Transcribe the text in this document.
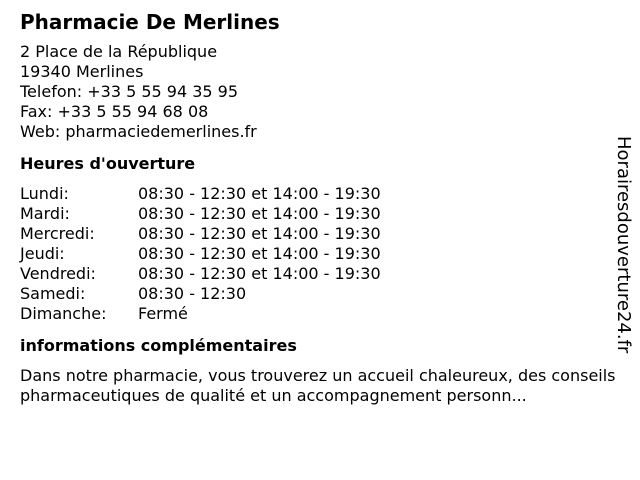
Pharmacie De Merlines
2 Place de la République
19340 Merlines
Telefon: +33 5 55 94 35 95
Fax: +33 5 55 94 68 08
Web: pharmaciedemerlines.fr
Heures d'ouverture
Lundi:	08:30 - 12:30 et 14:00 - 19:30
Mardi:	08:30 - 12:30 et 14:00 - 19:30
Mercredi:	08:30 - 12:30 et 14:00 - 19:30
Jeudi:	08:30 - 12:30 et 14:00 - 19:30
Vendredi:	08:30 - 12:30 et 14:00 - 19:30
Samedi:	08:30 - 12:30
Dimanche:	Fermé
informations complémentaires
Dans notre pharmacie, vous trouverez un accueil chaleureux, des conseils pharmaceutiques de qualité et un accompagnement personn...
Horairesdouverture24.fr
